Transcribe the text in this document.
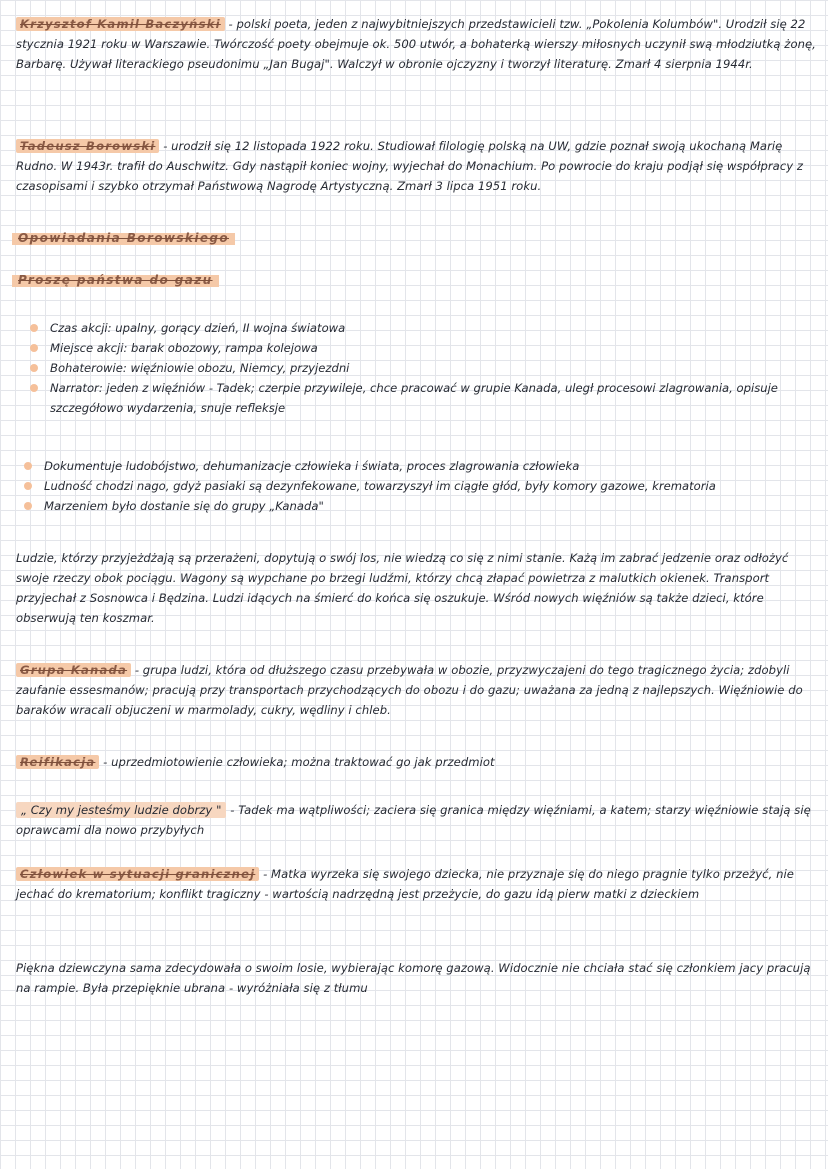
Krzysztof Kamil Baczyński - polski poeta, jeden z najwybitniejszych przedstawicieli tzw. „Pokolenia Kolumbów". Urodził się 22 stycznia 1921 roku w Warszawie. Twórczość poety obejmuje ok. 500 utwór, a bohaterką wierszy miłosnych uczynił swą młodziutką żonę, Barbarę. Używał literackiego pseudonimu „Jan Bugaj". Walczył w obronie ojczyzny i tworzył literaturę. Zmarł 4 sierpnia 1944r.

Tadeusz Borowski - urodził się 12 listopada 1922 roku. Studiował filologię polską na UW, gdzie poznał swoją ukochaną Marię Rudno. W 1943r. trafił do Auschwitz. Gdy nastąpił koniec wojny, wyjechał do Monachium. Po powrocie do kraju podjął się współpracy z czasopisami i szybko otrzymał Państwową Nagrodę Artystyczną. Zmarł 3 lipca 1951 roku.

Opowiadania Borowskiego
Proszę państwa do gazu
Czas akcji: upalny, gorący dzień, II wojna światowa
Miejsce akcji: barak obozowy, rampa kolejowa
Bohaterowie: więźniowie obozu, Niemcy, przyjezdni
Narrator: jeden z więźniów - Tadek; czerpie przywileje, chce pracować w grupie Kanada, uległ procesowi zlagrowania, opisuje szczegółowo wydarzenia, snuje refleksje
Dokumentuje ludobójstwo, dehumanizacje człowieka i świata, proces zlagrowania człowieka
Ludność chodzi nago, gdyż pasiaki są dezynfekowane, towarzyszył im ciągłe głód, były komory gazowe, krematoria
Marzeniem było dostanie się do grupy „Kanada"

Ludzie, którzy przyjeżdżają są przerażeni, dopytują o swój los, nie wiedzą co się z nimi stanie. Każą im zabrać jedzenie oraz odłożyć swoje rzeczy obok pociągu. Wagony są wypchane po brzegi ludźmi, którzy chcą złapać powietrza z malutkich okienek. Transport przyjechał z Sosnowca i Będzina. Ludzi idących na śmierć do końca się oszukuje. Wśród nowych więźniów są także dzieci, które obserwują ten koszmar.

Grupa Kanada - grupa ludzi, która od dłuższego czasu przebywała w obozie, przyzwyczajeni do tego tragicznego życia; zdobyli zaufanie essesmanów; pracują przy transportach przychodzących do obozu i do gazu; uważana za jedną z najlepszych. Więźniowie do baraków wracali objuczeni w marmolady, cukry, wędliny i chleb.

Reifikacja - uprzedmiotowienie człowieka; można traktować go jak przedmiot

„ Czy my jesteśmy ludzie dobrzy " - Tadek ma wątpliwości; zaciera się granica między więźniami, a katem; starzy więźniowie stają się oprawcami dla nowo przybyłych

Człowiek w sytuacji granicznej - Matka wyrzeka się swojego dziecka, nie przyznaje się do niego pragnie tylko przeżyć, nie jechać do krematorium; konflikt tragiczny - wartością nadrzędną jest przeżycie, do gazu idą pierw matki z dzieckiem

Piękna dziewczyna sama zdecydowała o swoim losie, wybierając komorę gazową. Widocznie nie chciała stać się członkiem jacy pracują na rampie. Była przepięknie ubrana - wyróżniała się z tłumu
